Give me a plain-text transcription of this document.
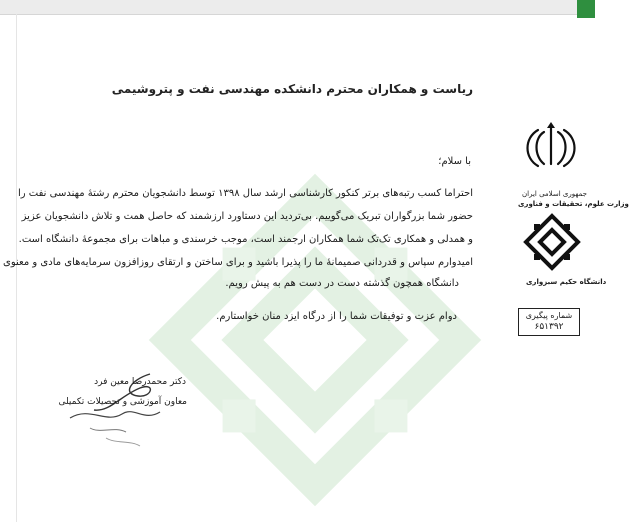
ریاست و همکاران محترم دانشکده مهندسی نفت و پتروشیمی
با سلام؛
احتراما کسب رتبه‌های برتر کنکور کارشناسی ارشد سال ۱۳۹۸ توسط دانشجویان محترم رشتهٔ مهندسی نفت را
حضور شما بزرگواران تبریک می‌گوییم. بی‌تردید این دستاورد ارزشمند که حاصل همت و تلاش دانشجویان عزیز
و همدلی و همکاری تک‌تک شما همکاران ارجمند است، موجب خرسندی و مباهات برای مجموعهٔ دانشگاه است.
امیدوارم سپاس و قدردانی صمیمانهٔ ما را پذیرا باشید و برای ساختن و ارتقای روزافزون سرمایه‌های مادی و معنوی
دانشگاه همچون گذشته دست در دست هم به پیش رویم.
دوام عزت و توفیقات شما را از درگاه ایزد منان خواستارم.
دکتر محمدرضا معین فرد
معاون آموزشی و تحصیلات تکمیلی
جمهوری اسلامی ایران
وزارت علوم، تحقیقات و فناوری
دانشگاه حکیم سبزواری
شماره پیگیری
۶۵۱۳۹۲
